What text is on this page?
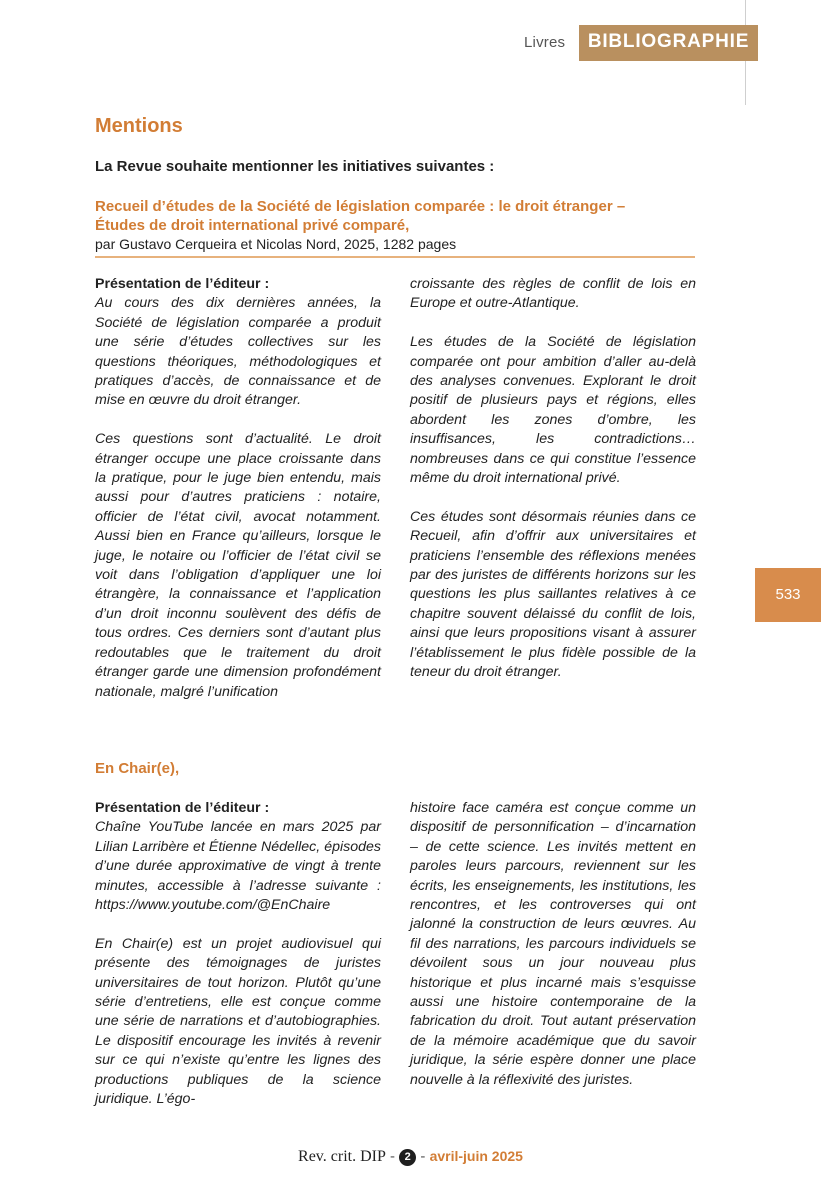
Livres	BIBLIOGRAPHIE
533
Mentions
La Revue souhaite mentionner les initiatives suivantes :
Recueil d’études de la Société de législation comparée : le droit étranger – Études de droit international privé comparé,
par Gustavo Cerqueira et Nicolas Nord, 2025, 1282 pages

Présentation de l’éditeur :
Au cours des dix dernières années, la Société de législation comparée a produit une série d’études collectives sur les questions théoriques, méthodologiques et pratiques d’accès, de connaissance et de mise en œuvre du droit étranger.

Ces questions sont d’actualité. Le droit étranger occupe une place croissante dans la pratique, pour le juge bien entendu, mais aussi pour d’autres praticiens : notaire, officier de l’état civil, avocat notamment. Aussi bien en France qu’ailleurs, lorsque le juge, le notaire ou l’officier de l’état civil se voit dans l’obligation d’appliquer une loi étrangère, la connaissance et l’application d’un droit inconnu soulèvent des défis de tous ordres. Ces derniers sont d’autant plus redoutables que le traitement du droit étranger garde une dimension profondément nationale, malgré l’unification

croissante des règles de conflit de lois en Europe et outre-Atlantique.

Les études de la Société de législation comparée ont pour ambition d’aller au-delà des analyses convenues. Explorant le droit positif de plusieurs pays et régions, elles abordent les zones d’ombre, les insuffisances, les contradictions… nombreuses dans ce qui constitue l’essence même du droit international privé.

Ces études sont désormais réunies dans ce Recueil, afin d’offrir aux universitaires et praticiens l’ensemble des réflexions menées par des juristes de différents horizons sur les questions les plus saillantes relatives à ce chapitre souvent délaissé du conflit de lois, ainsi que leurs propositions visant à assurer l’établissement le plus fidèle possible de la teneur du droit étranger.

En Chair(e),

Présentation de l’éditeur :
Chaîne YouTube lancée en mars 2025 par Lilian Larribère et Étienne Nédellec, épisodes d’une durée approximative de vingt à trente minutes, accessible à l’adresse suivante : https://www.youtube.com/@EnChaire

En Chair(e) est un projet audiovisuel qui présente des témoignages de juristes universitaires de tout horizon. Plutôt qu’une série d’entretiens, elle est conçue comme une série de narrations et d’autobiographies. Le dispositif encourage les invités à revenir sur ce qui n’existe qu’entre les lignes des productions publiques de la science juridique. L’égo-

histoire face caméra est conçue comme un dispositif de personnification – d’incarnation – de cette science. Les invités mettent en paroles leurs parcours, reviennent sur les écrits, les enseignements, les institutions, les rencontres, et les controverses qui ont jalonné la construction de leurs œuvres. Au fil des narrations, les parcours individuels se dévoilent sous un jour nouveau plus historique et plus incarné mais s’esquisse aussi une histoire contemporaine de la fabrication du droit. Tout autant préservation de la mémoire académique que du savoir juridique, la série espère donner une place nouvelle à la réflexivité des juristes.

Rev. crit. DIP - 2 - avril-juin 2025
